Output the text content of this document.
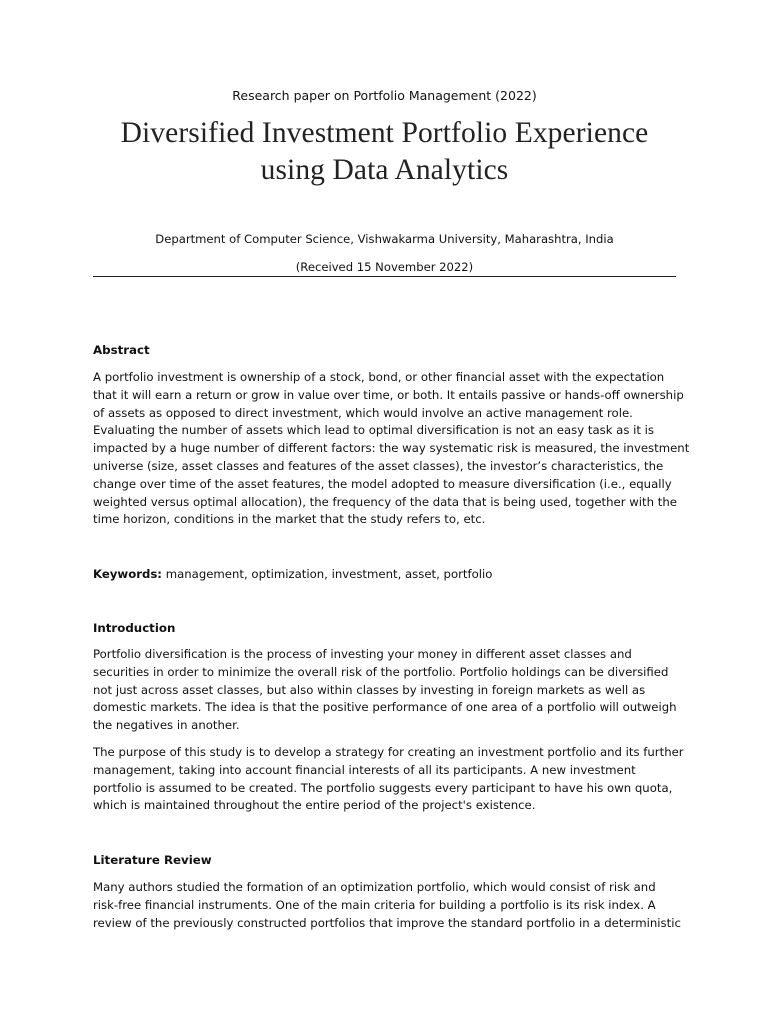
Research paper on Portfolio Management (2022)
Diversified Investment Portfolio Experience
using Data Analytics
Department of Computer Science, Vishwakarma University, Maharashtra, India
(Received 15 November 2022)
Abstract
A portfolio investment is ownership of a stock, bond, or other financial asset with the expectation
that it will earn a return or grow in value over time, or both. It entails passive or hands-off ownership
of assets as opposed to direct investment, which would involve an active management role.
Evaluating the number of assets which lead to optimal diversification is not an easy task as it is
impacted by a huge number of different factors: the way systematic risk is measured, the investment
universe (size, asset classes and features of the asset classes), the investor’s characteristics, the
change over time of the asset features, the model adopted to measure diversification (i.e., equally
weighted versus optimal allocation), the frequency of the data that is being used, together with the
time horizon, conditions in the market that the study refers to, etc.
Keywords: management, optimization, investment, asset, portfolio
Introduction
Portfolio diversification is the process of investing your money in different asset classes and
securities in order to minimize the overall risk of the portfolio. Portfolio holdings can be diversified
not just across asset classes, but also within classes by investing in foreign markets as well as
domestic markets. The idea is that the positive performance of one area of a portfolio will outweigh
the negatives in another.
The purpose of this study is to develop a strategy for creating an investment portfolio and its further
management, taking into account financial interests of all its participants. A new investment
portfolio is assumed to be created. The portfolio suggests every participant to have his own quota,
which is maintained throughout the entire period of the project's existence.
Literature Review
Many authors studied the formation of an optimization portfolio, which would consist of risk and
risk-free financial instruments. One of the main criteria for building a portfolio is its risk index. A
review of the previously constructed portfolios that improve the standard portfolio in a deterministic
